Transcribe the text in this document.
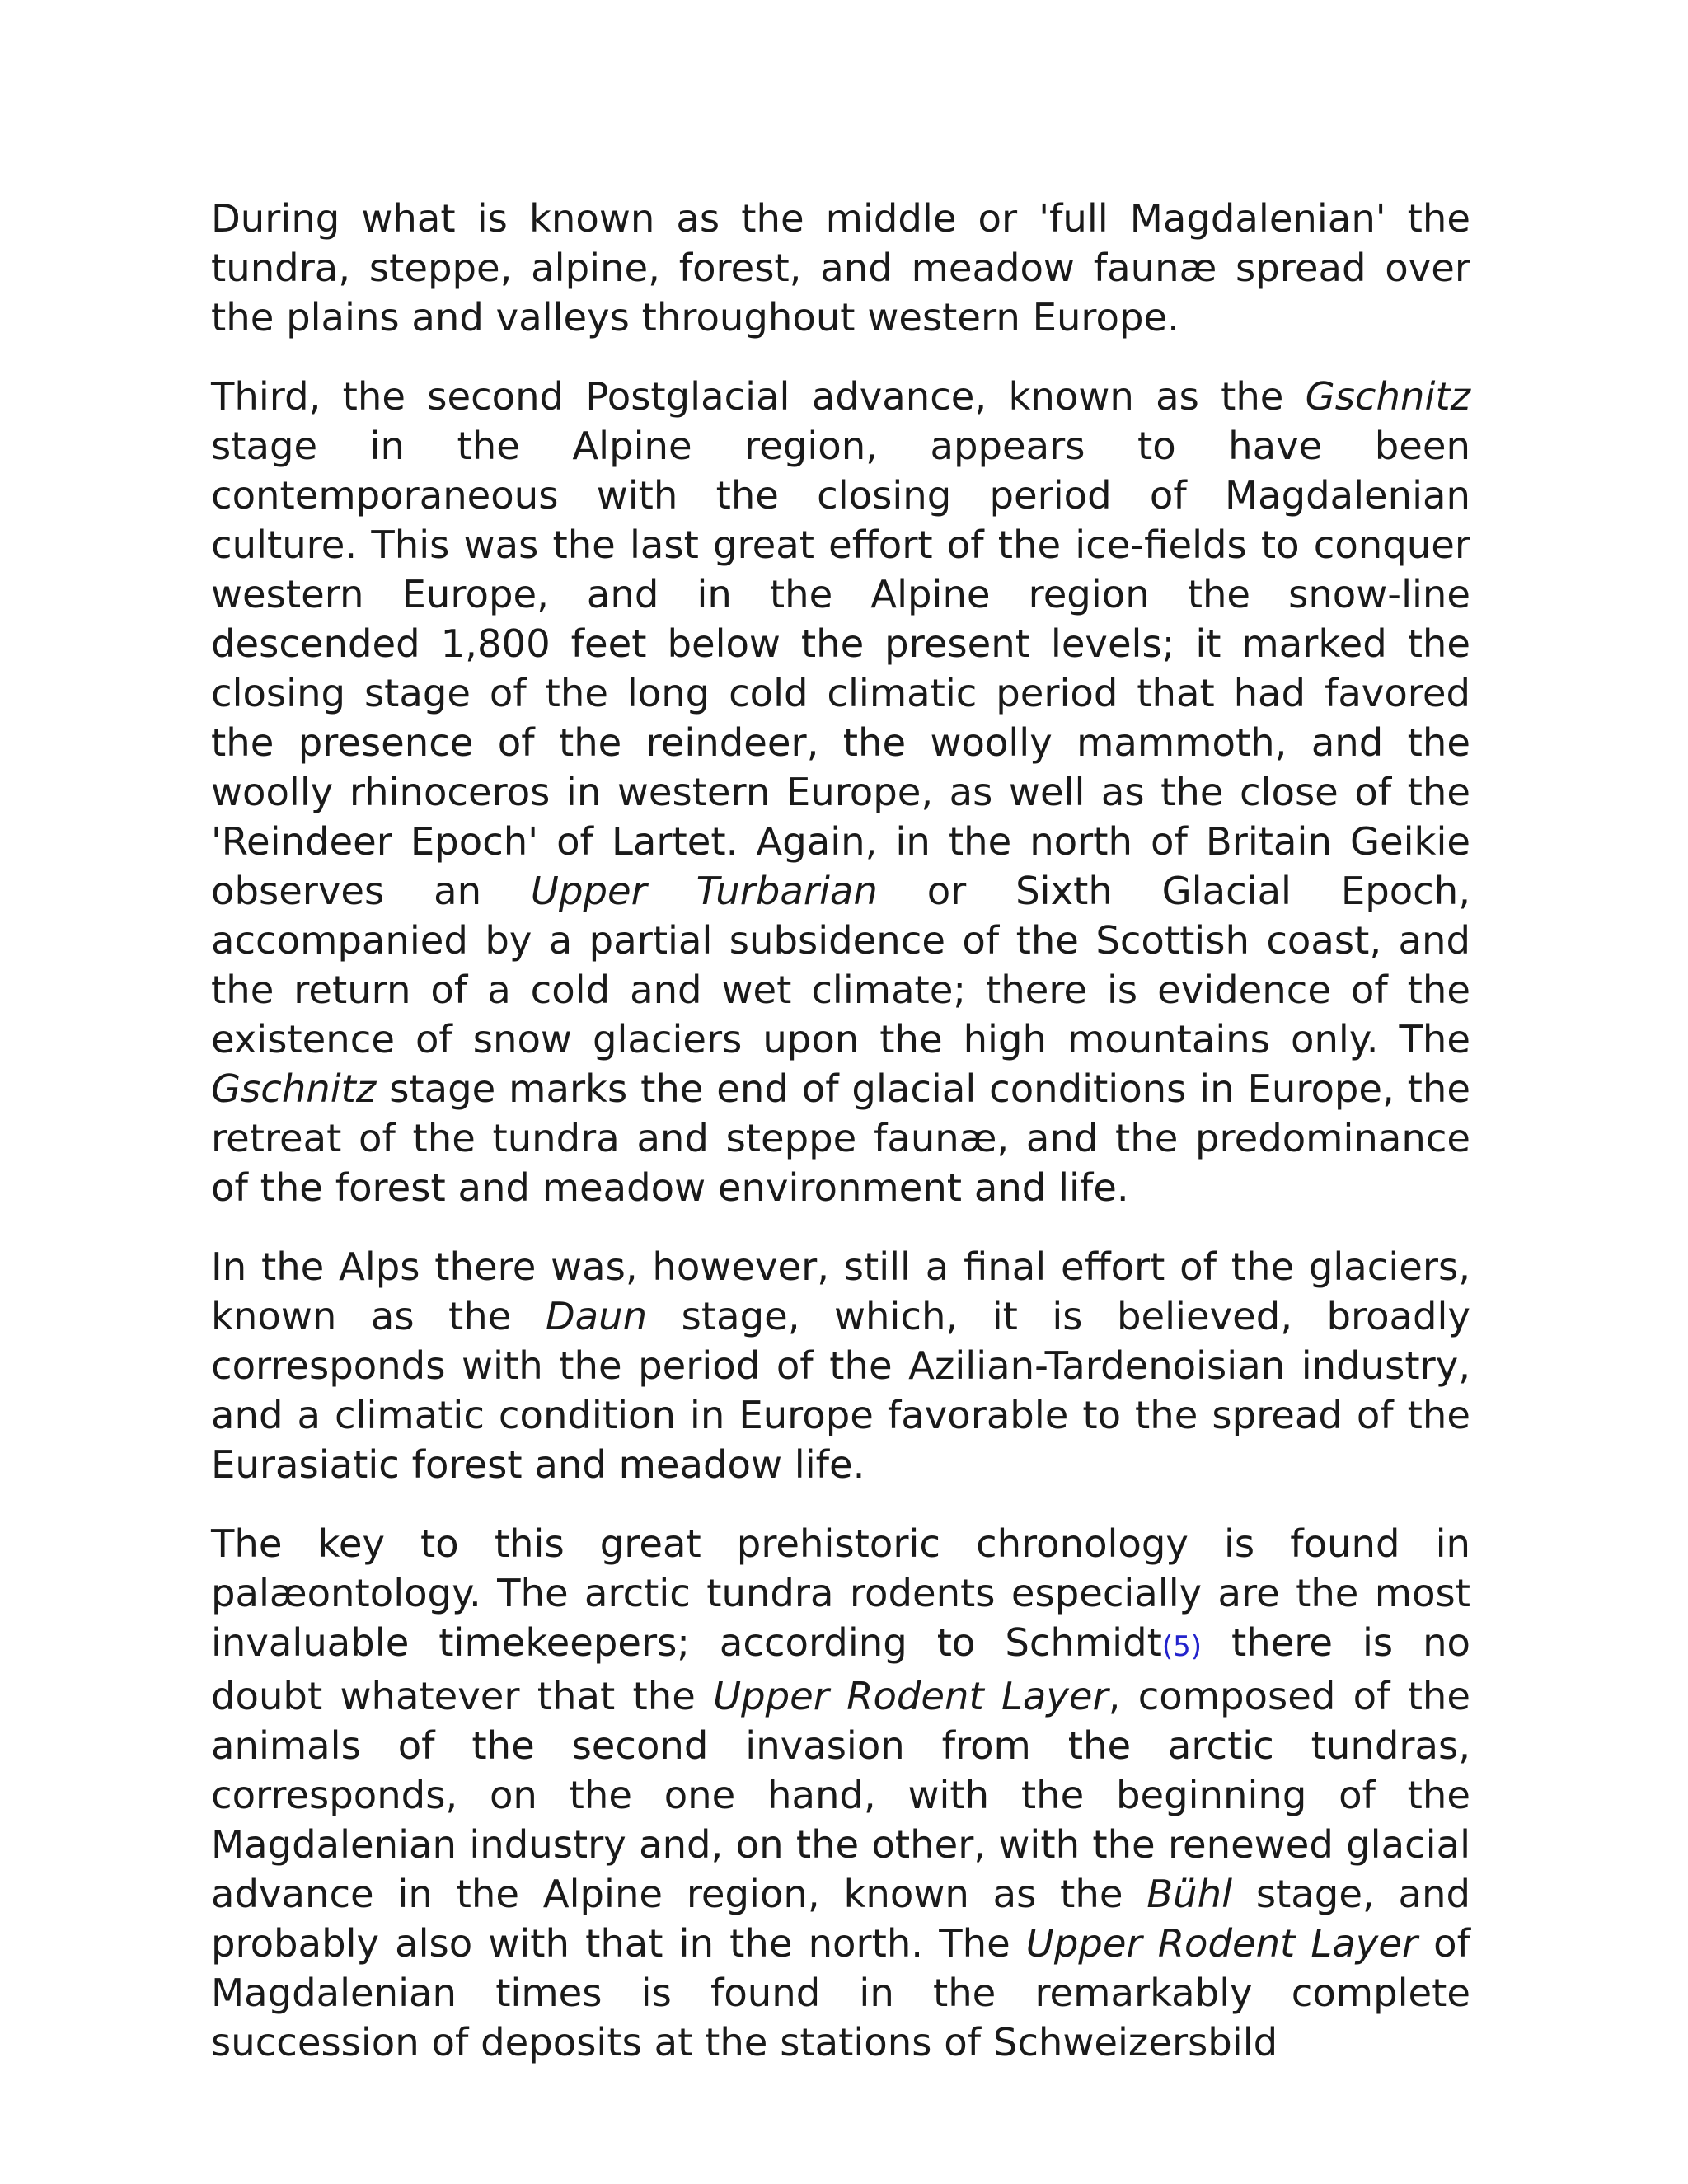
During what is known as the middle or 'full Magdalenian' the tundra, steppe, alpine, forest, and meadow faunæ spread over the plains and valleys throughout western Europe.

Third, the second Postglacial advance, known as the Gschnitz stage in the Alpine region, appears to have been contemporaneous with the closing period of Magdalenian culture. This was the last great effort of the ice-fields to conquer western Europe, and in the Alpine region the snow-line descended 1,800 feet below the present levels; it marked the closing stage of the long cold climatic period that had favored the presence of the reindeer, the woolly mammoth, and the woolly rhinoceros in western Europe, as well as the close of the 'Reindeer Epoch' of Lartet. Again, in the north of Britain Geikie observes an Upper Turbarian or Sixth Glacial Epoch, accompanied by a partial subsidence of the Scottish coast, and the return of a cold and wet climate; there is evidence of the existence of snow glaciers upon the high mountains only. The Gschnitz stage marks the end of glacial conditions in Europe, the retreat of the tundra and steppe faunæ, and the predominance of the forest and meadow environment and life.

In the Alps there was, however, still a final effort of the glaciers, known as the Daun stage, which, it is believed, broadly corresponds with the period of the Azilian-Tardenoisian industry, and a climatic condition in Europe favorable to the spread of the Eurasiatic forest and meadow life.

The key to this great prehistoric chronology is found in palæontology. The arctic tundra rodents especially are the most invaluable timekeepers; according to Schmidt(5) there is no doubt whatever that the Upper Rodent Layer, composed of the animals of the second invasion from the arctic tundras, corresponds, on the one hand, with the beginning of the Magdalenian industry and, on the other, with the renewed glacial advance in the Alpine region, known as the Bühl stage, and probably also with that in the north. The Upper Rodent Layer of Magdalenian times is found in the remarkably complete succession of deposits at the stations of Schweizersbild
